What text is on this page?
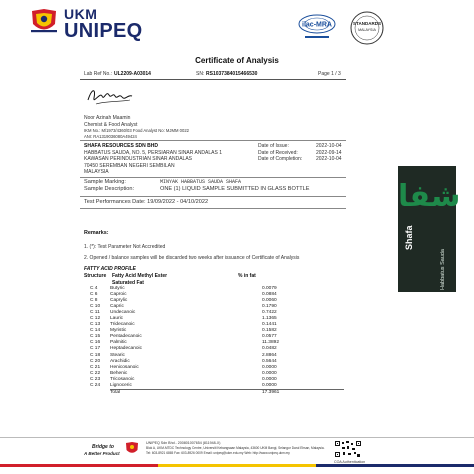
UKM
UNIPEQ	ilac-MRA	STANDARDS
MALAYSIA
Certificate of Analysis
Lab Ref No.: UL2209-A03014	SN: RS1037384015466530	Page 1 / 3
Noor Azinah Maamin
Chemist & Food Analyst
IKM No.: M/1973/4360/03 Food Analyst No: MJMM 0022
ANI: RA1319036080A49424
SHAFA RESOURCES SDN BHD
HABBATUS SAUDA, NO. 5, PERSIARAN SINAR ANDALAS 1
KAWASAN PERINDUSTRIAN SINAR ANDALAS
70450 SEREMBAN NEGERI SEMBILAN
MALAYSIA
Date of Issue:	2022-10-04
Date of Received:	2022-09-14
Date of Completion:	2022-10-04
Sample Marking:	MINYAK HABBATUS SAUDA SHAFA
Sample Description:	ONE (1) LIQUID SAMPLE SUBMITTED IN GLASS BOTTLE
Test Performances Date: 19/09/2022 - 04/10/2022
Remarks:
1. (*): Test Parameter Not Accredited
2. Opened / balance samples will be discarded two weeks after issuance of Certificate of Analysis
FATTY ACID PROFILE
Structure Fatty Acid Methyl Ester	% in fat
Saturated Fat
C 4	Butyric	0.0079
C 6	Caproic	0.0884
C 8	Caprylic	0.0060
C 10	Capric	0.1790
C 11	Undecanoic	0.7422
C 12	Lauric	1.1365
C 13	Tridecanoic	0.1441
C 14	Myristic	0.1582
C 15	Pentadecanoic	0.0577
C 16	Palmitic	11.3892
C 17	Heptadecanoic	0.0482
C 18	Stearic	2.8864
C 20	Arachidic	0.5644
C 21	Henicosanoic	0.0000
C 22	Behenic	0.0000
C 23	Tricosanoic	0.0000
C 24	Lignoceric	0.0000
	Total	17.3961
شفا
Shafa
Habbatus Sauda
Bridge to
A Better Product
UNIPEQ Sdn Bhd - 200801007654 (811948-X)
Blok A, UKM-MTDC Technology Centre, Universiti Kebangsaan Malaysia, 43600 UKM Bangi, Selangor Darul Ehsan, Malaysia.
Tel: 603-8921 6865 Fax: 603-8926 0009 Email: unipeq@ukm.edu.my Web: http://www.unipeq.ukm.my
COA Authentication
